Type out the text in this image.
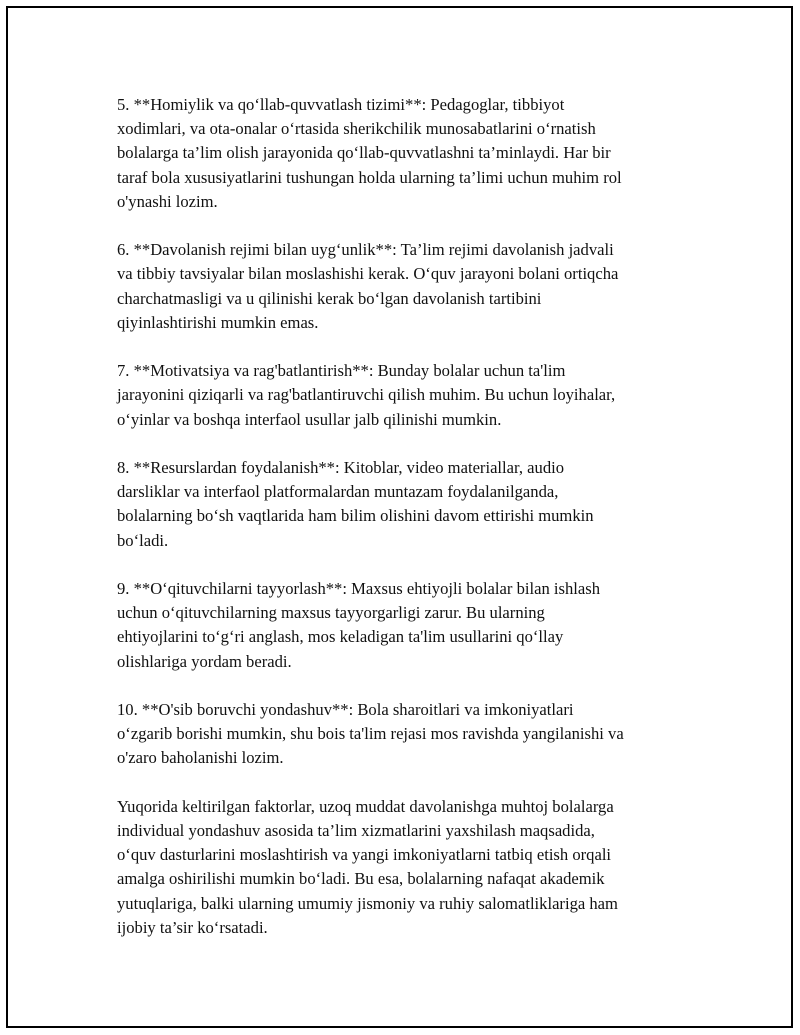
5. **Homiylik va qo‘llab-quvvatlash tizimi**: Pedagoglar, tibbiyot
xodimlari, va ota-onalar o‘rtasida sherikchilik munosabatlarini o‘rnatish
bolalarga ta’lim olish jarayonida qo‘llab-quvvatlashni ta’minlaydi. Har bir
taraf bola xususiyatlarini tushungan holda ularning ta’limi uchun muhim rol
o'ynashi lozim.

6. **Davolanish rejimi bilan uyg‘unlik**: Ta’lim rejimi davolanish jadvali
va tibbiy tavsiyalar bilan moslashishi kerak. O‘quv jarayoni bolani ortiqcha
charchatmasligi va u qilinishi kerak bo‘lgan davolanish tartibini
qiyinlashtirishi mumkin emas.

7. **Motivatsiya va rag'batlantirish**: Bunday bolalar uchun ta'lim
jarayonini qiziqarli va rag'batlantiruvchi qilish muhim. Bu uchun loyihalar,
o‘yinlar va boshqa interfaol usullar jalb qilinishi mumkin.

8. **Resurslardan foydalanish**: Kitoblar, video materiallar, audio
darsliklar va interfaol platformalardan muntazam foydalanilganda,
bolalarning bo‘sh vaqtlarida ham bilim olishini davom ettirishi mumkin
bo‘ladi.

9. **O‘qituvchilarni tayyorlash**: Maxsus ehtiyojli bolalar bilan ishlash
uchun o‘qituvchilarning maxsus tayyorgarligi zarur. Bu ularning
ehtiyojlarini to‘g‘ri anglash, mos keladigan ta'lim usullarini qo‘llay
olishlariga yordam beradi.

10. **O'sib boruvchi yondashuv**: Bola sharoitlari va imkoniyatlari
o‘zgarib borishi mumkin, shu bois ta'lim rejasi mos ravishda yangilanishi va
o'zaro baholanishi lozim.

Yuqorida keltirilgan faktorlar, uzoq muddat davolanishga muhtoj bolalarga
individual yondashuv asosida ta’lim xizmatlarini yaxshilash maqsadida,
o‘quv dasturlarini moslashtirish va yangi imkoniyatlarni tatbiq etish orqali
amalga oshirilishi mumkin bo‘ladi. Bu esa, bolalarning nafaqat akademik
yutuqlariga, balki ularning umumiy jismoniy va ruhiy salomatliklariga ham
ijobiy ta’sir ko‘rsatadi.
